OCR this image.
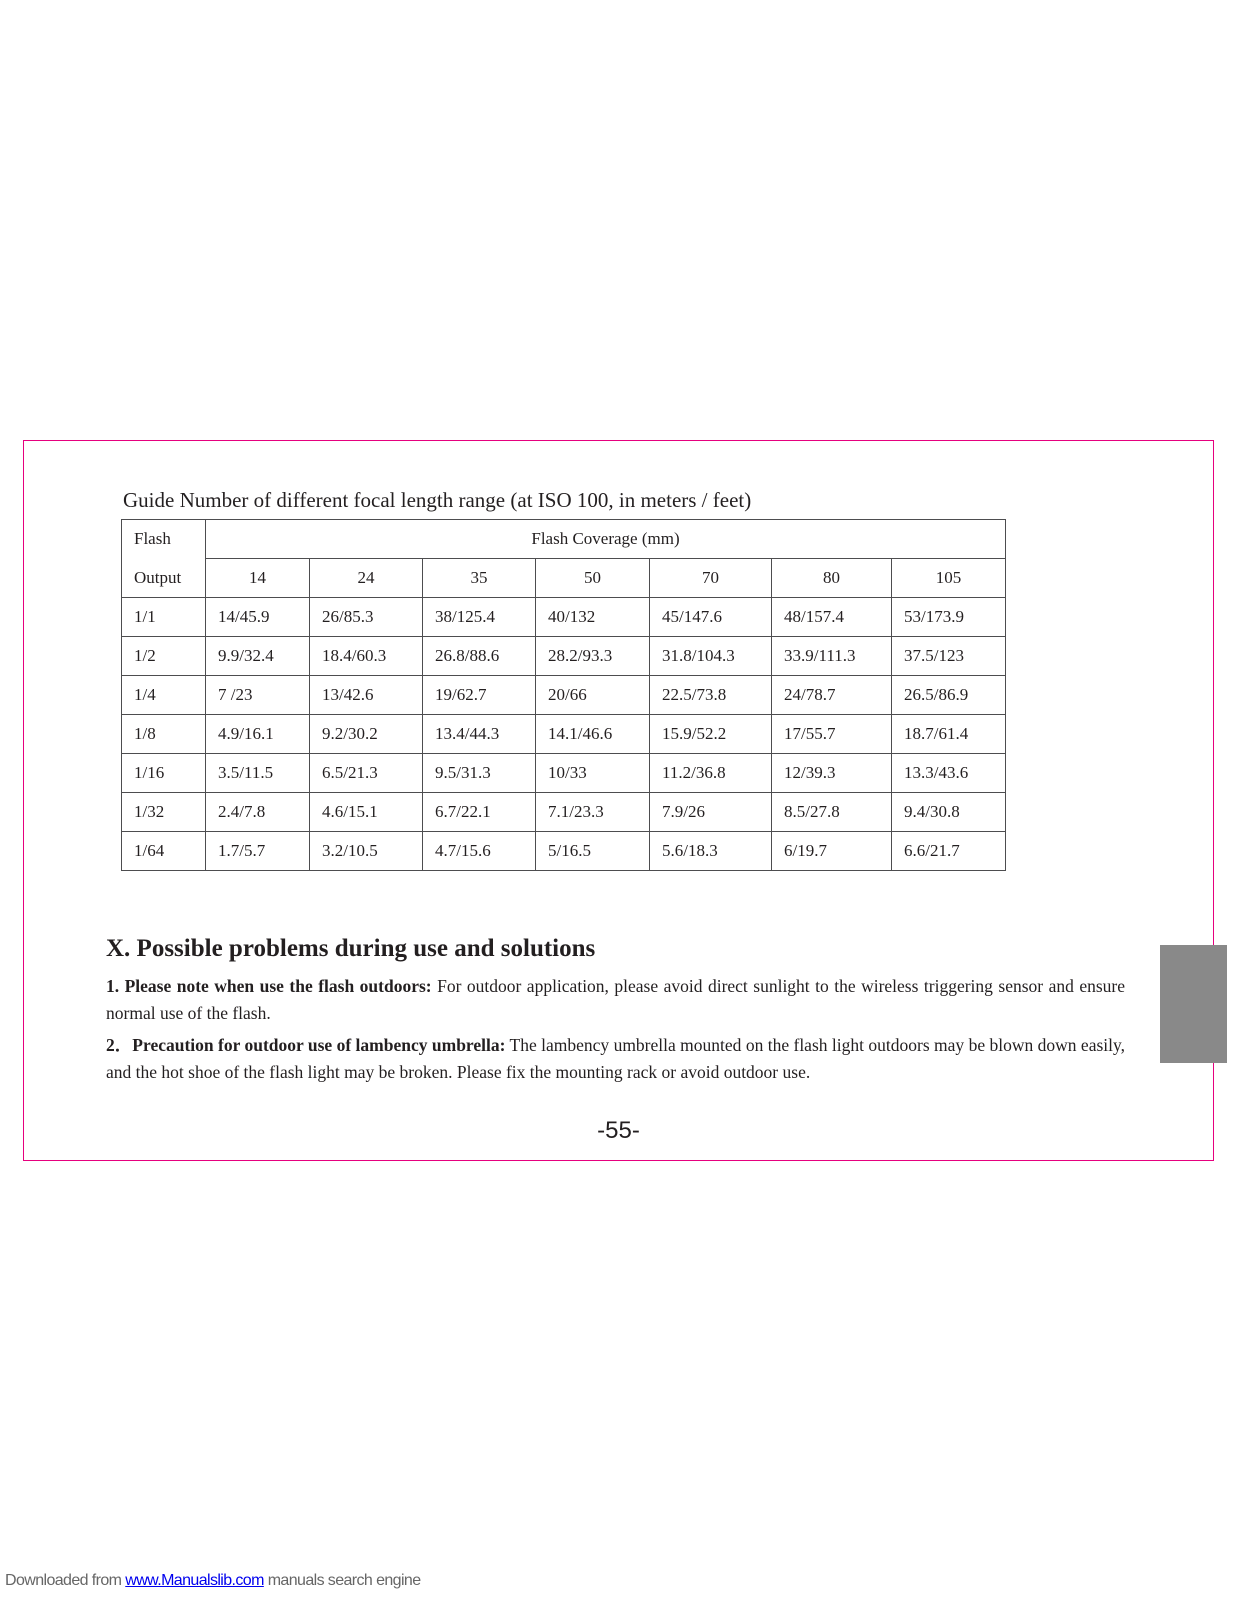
Guide Number of different focal length range (at ISO 100, in meters / feet)
Flash	Flash Coverage (mm)						
Output	14	24	35	50	70	80	105
1/1	14/45.9	26/85.3	38/125.4	40/132	45/147.6	48/157.4	53/173.9
1/2	9.9/32.4	18.4/60.3	26.8/88.6	28.2/93.3	31.8/104.3	33.9/111.3	37.5/123
1/4	7 /23	13/42.6	19/62.7	20/66	22.5/73.8	24/78.7	26.5/86.9
1/8	4.9/16.1	9.2/30.2	13.4/44.3	14.1/46.6	15.9/52.2	17/55.7	18.7/61.4
1/16	3.5/11.5	6.5/21.3	9.5/31.3	10/33	11.2/36.8	12/39.3	13.3/43.6
1/32	2.4/7.8	4.6/15.1	6.7/22.1	7.1/23.3	7.9/26	8.5/27.8	9.4/30.8
1/64	1.7/5.7	3.2/10.5	4.7/15.6	5/16.5	5.6/18.3	6/19.7	6.6/21.7
X. Possible problems during use and solutions
1. Please note when use the flash outdoors: For outdoor application, please avoid direct sunlight to the wireless triggering sensor and ensure normal use of the flash.
2．Precaution for outdoor use of lambency umbrella: The lambency umbrella mounted on the flash light outdoors may be blown down easily, and the hot shoe of the flash light may be broken. Please fix the mounting rack or avoid outdoor use.
-55-
Downloaded from www.Manualslib.com manuals search engine
